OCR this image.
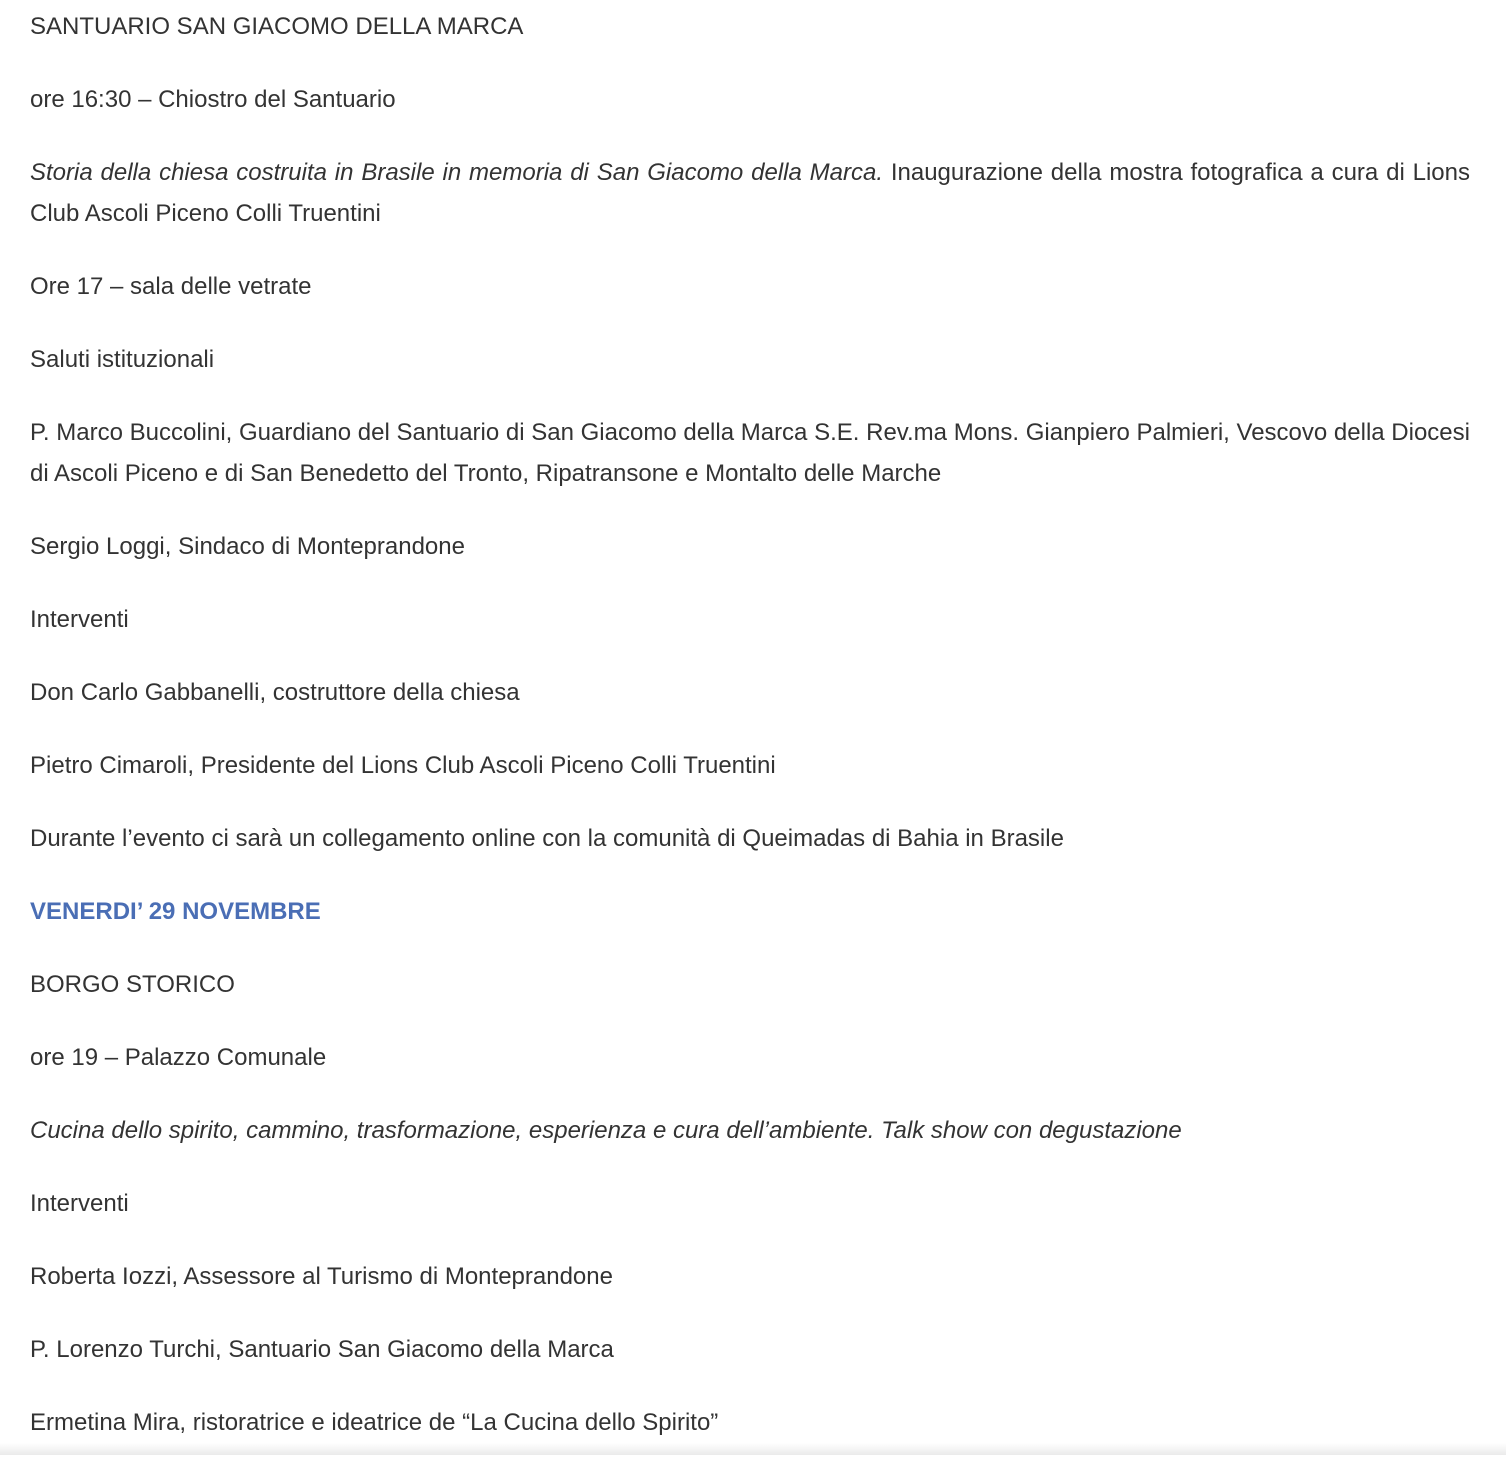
SANTUARIO SAN GIACOMO DELLA MARCA

ore 16:30 – Chiostro del Santuario

Storia della chiesa costruita in Brasile in memoria di San Giacomo della Marca. Inaugurazione della mostra fotografica a cura di Lions Club Ascoli Piceno Colli Truentini

Ore 17 – sala delle vetrate

Saluti istituzionali

P. Marco Buccolini, Guardiano del Santuario di San Giacomo della Marca S.E. Rev.ma Mons. Gianpiero Palmieri, Vescovo della Diocesi di Ascoli Piceno e di San Benedetto del Tronto, Ripatransone e Montalto delle Marche

Sergio Loggi, Sindaco di Monteprandone

Interventi

Don Carlo Gabbanelli, costruttore della chiesa

Pietro Cimaroli, Presidente del Lions Club Ascoli Piceno Colli Truentini

Durante l’evento ci sarà un collegamento online con la comunità di Queimadas di Bahia in Brasile

VENERDI’ 29 NOVEMBRE

BORGO STORICO

ore 19 – Palazzo Comunale

Cucina dello spirito, cammino, trasformazione, esperienza e cura dell’ambiente. Talk show con degustazione

Interventi

Roberta Iozzi, Assessore al Turismo di Monteprandone

P. Lorenzo Turchi, Santuario San Giacomo della Marca

Ermetina Mira, ristoratrice e ideatrice de “La Cucina dello Spirito”
